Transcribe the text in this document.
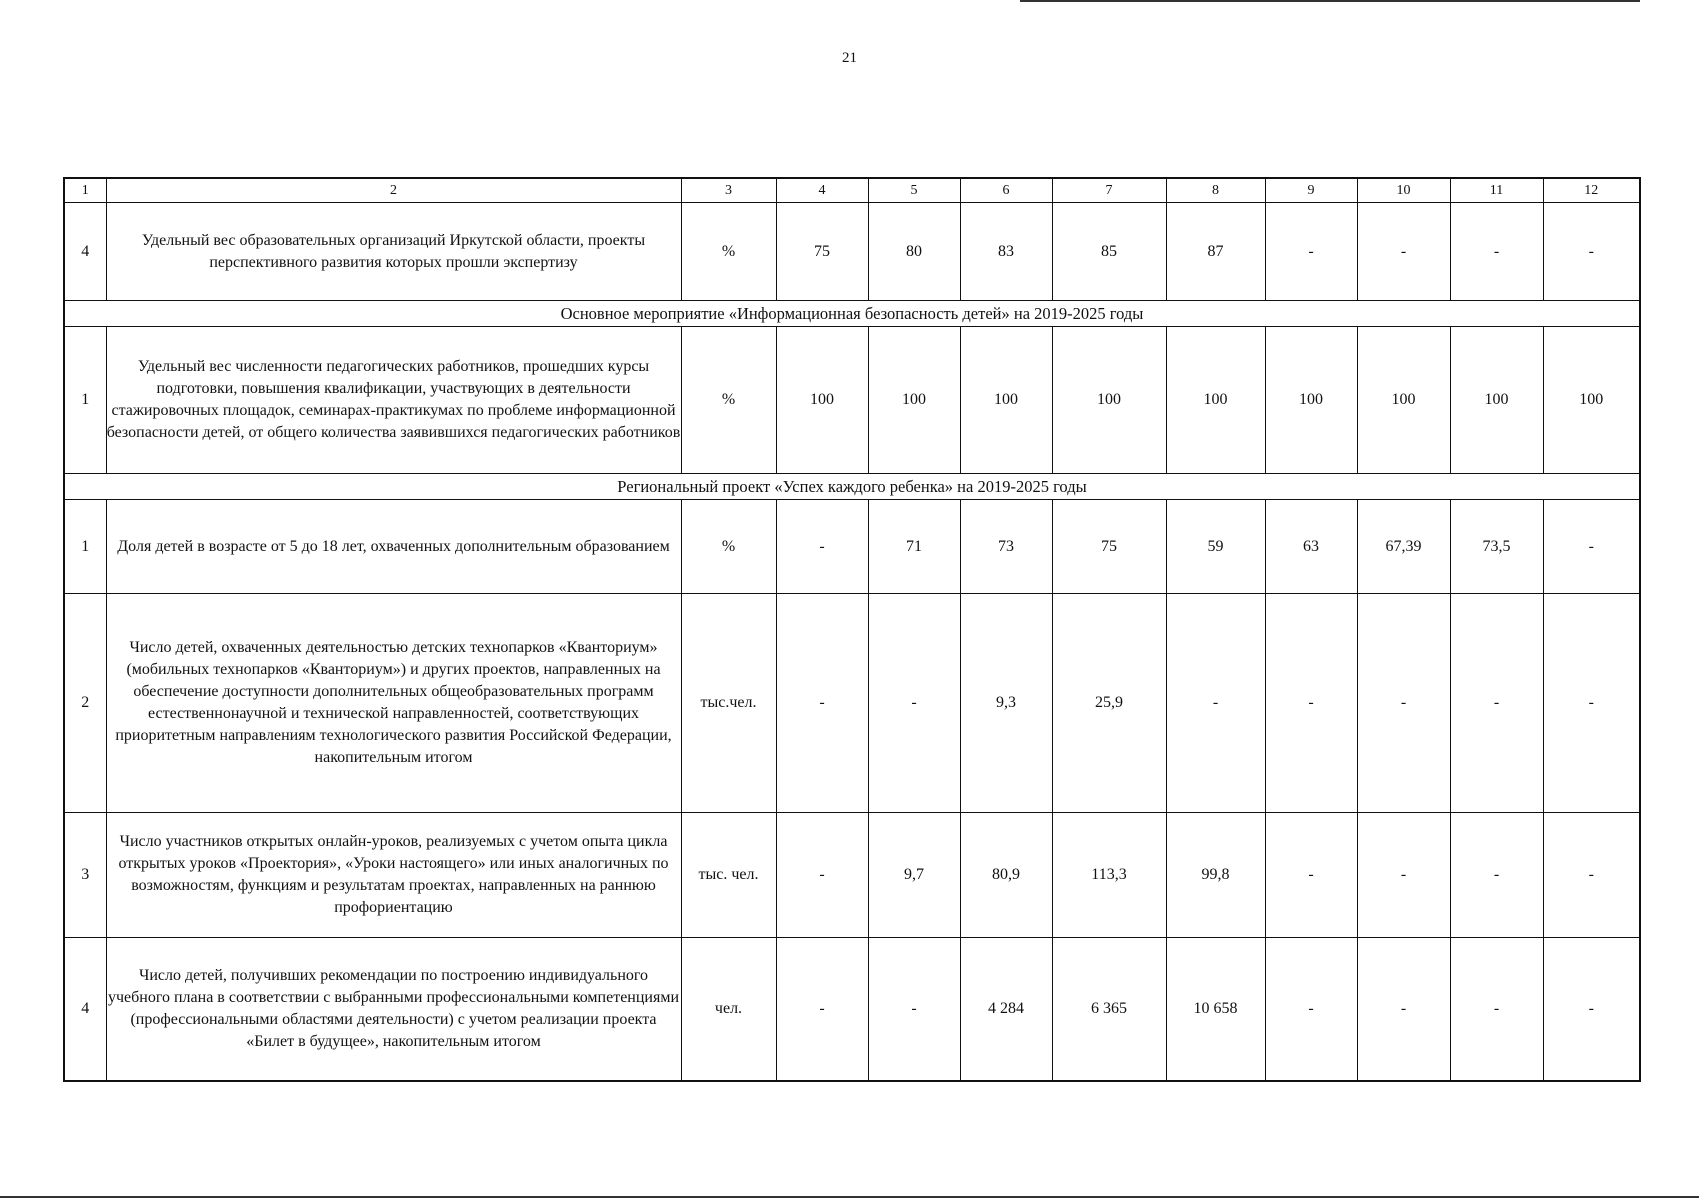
21
1	2	3	4	5	6	7	8	9	10	11	12
4	Удельный вес образовательных организаций Иркутской области, проекты перспективного развития которых прошли экспертизу	%	75	80	83	85	87	-	-	-	-
Основное мероприятие «Информационная безопасность детей» на 2019-2025 годы											
1	Удельный вес численности педагогических работников, прошедших курсы подготовки, повышения квалификации, участвующих в деятельности стажировочных площадок, семинарах-практикумах по проблеме информационной безопасности детей, от общего количества заявившихся педагогических работников	%	100	100	100	100	100	100	100	100	100
Региональный проект «Успех каждого ребенка» на 2019-2025 годы											
1	Доля детей в возрасте от 5 до 18 лет, охваченных дополнительным образованием	%	-	71	73	75	59	63	67,39	73,5	-
2	Число детей, охваченных деятельностью детских технопарков «Кванториум» (мобильных технопарков «Кванториум») и других проектов, направленных на обеспечение доступности дополнительных общеобразовательных программ естественнонаучной и технической направленностей, соответствующих приоритетным направлениям технологического развития Российской Федерации, накопительным итогом	тыс.чел.	-	-	9,3	25,9	-	-	-	-	-
3	Число участников открытых онлайн-уроков, реализуемых с учетом опыта цикла открытых уроков «Проектория», «Уроки настоящего» или иных аналогичных по возможностям, функциям и результатам проектах, направленных на раннюю профориентацию	тыс. чел.	-	9,7	80,9	113,3	99,8	-	-	-	-
4	Число детей, получивших рекомендации по построению индивидуального учебного плана в соответствии с выбранными профессиональными компетенциями (профессиональными областями деятельности) с учетом реализации проекта «Билет в будущее», накопительным итогом	чел.	-	-	4 284	6 365	10 658	-	-	-	-
